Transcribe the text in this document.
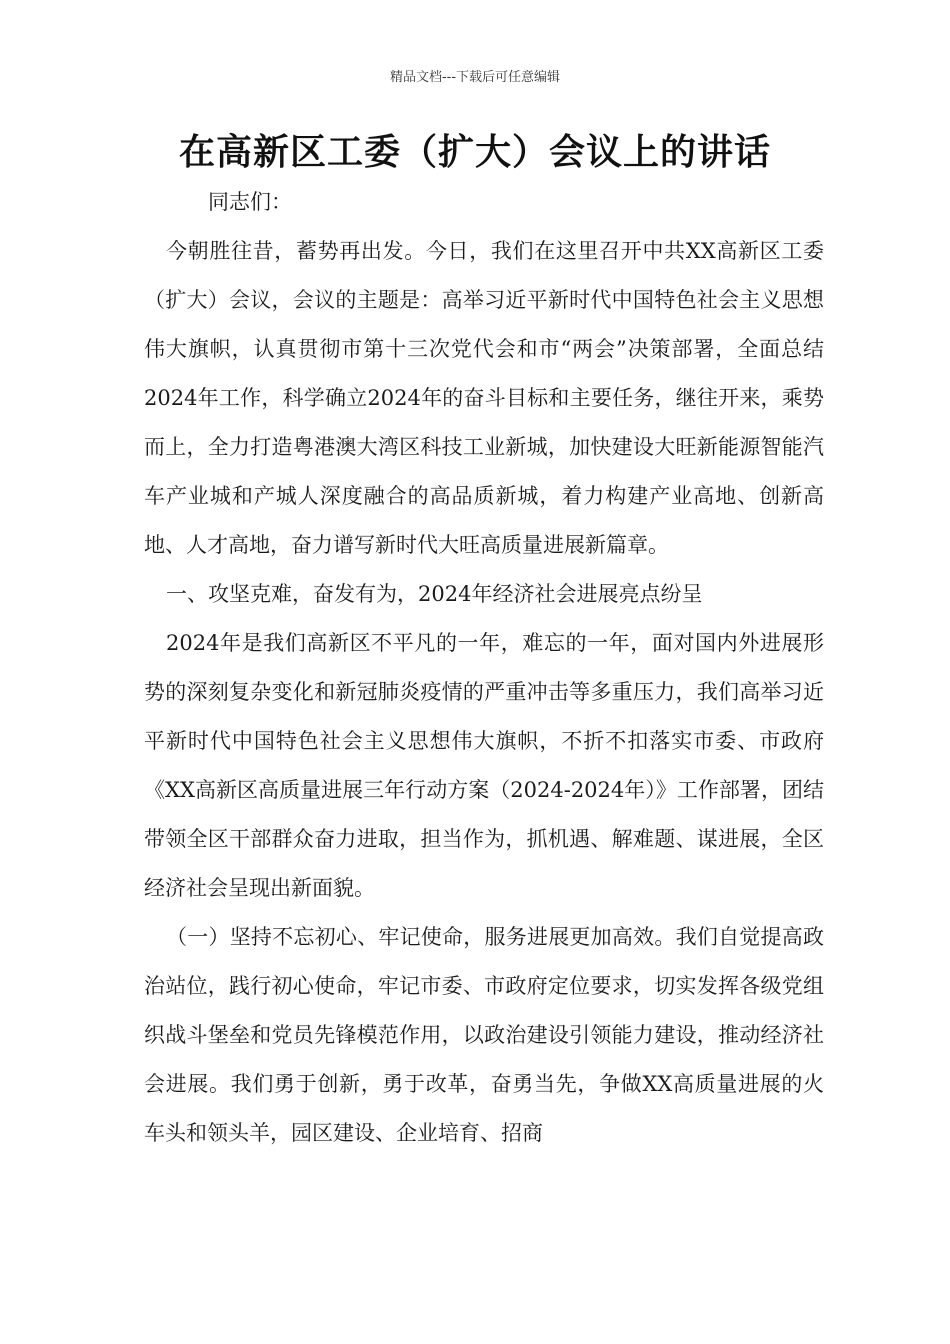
精品文档---下载后可任意编辑
在高新区工委（扩大）会议上的讲话

同志们：

今朝胜往昔，蓄势再出发。今日，我们在这里召开中共XX高新区工委（扩大）会议，会议的主题是：高举习近平新时代中国特色社会主义思想伟大旗帜，认真贯彻市第十三次党代会和市“两会”决策部署，全面总结2024年工作，科学确立2024年的奋斗目标和主要任务，继往开来，乘势而上，全力打造粤港澳大湾区科技工业新城，加快建设大旺新能源智能汽车产业城和产城人深度融合的高品质新城，着力构建产业高地、创新高地、人才高地，奋力谱写新时代大旺高质量进展新篇章。

一、攻坚克难，奋发有为，2024年经济社会进展亮点纷呈

2024年是我们高新区不平凡的一年，难忘的一年，面对国内外进展形势的深刻复杂变化和新冠肺炎疫情的严重冲击等多重压力，我们高举习近平新时代中国特色社会主义思想伟大旗帜，不折不扣落实市委、市政府《XX高新区高质量进展三年行动方案（2024-2024年）》工作部署，团结带领全区干部群众奋力进取，担当作为，抓机遇、解难题、谋进展，全区经济社会呈现出新面貌。

（一）坚持不忘初心、牢记使命，服务进展更加高效。我们自觉提高政治站位，践行初心使命，牢记市委、市政府定位要求，切实发挥各级党组织战斗堡垒和党员先锋模范作用，以政治建设引领能力建设，推动经济社会进展。我们勇于创新，勇于改革，奋勇当先，争做XX高质量进展的火车头和领头羊，园区建设、企业培育、招商
